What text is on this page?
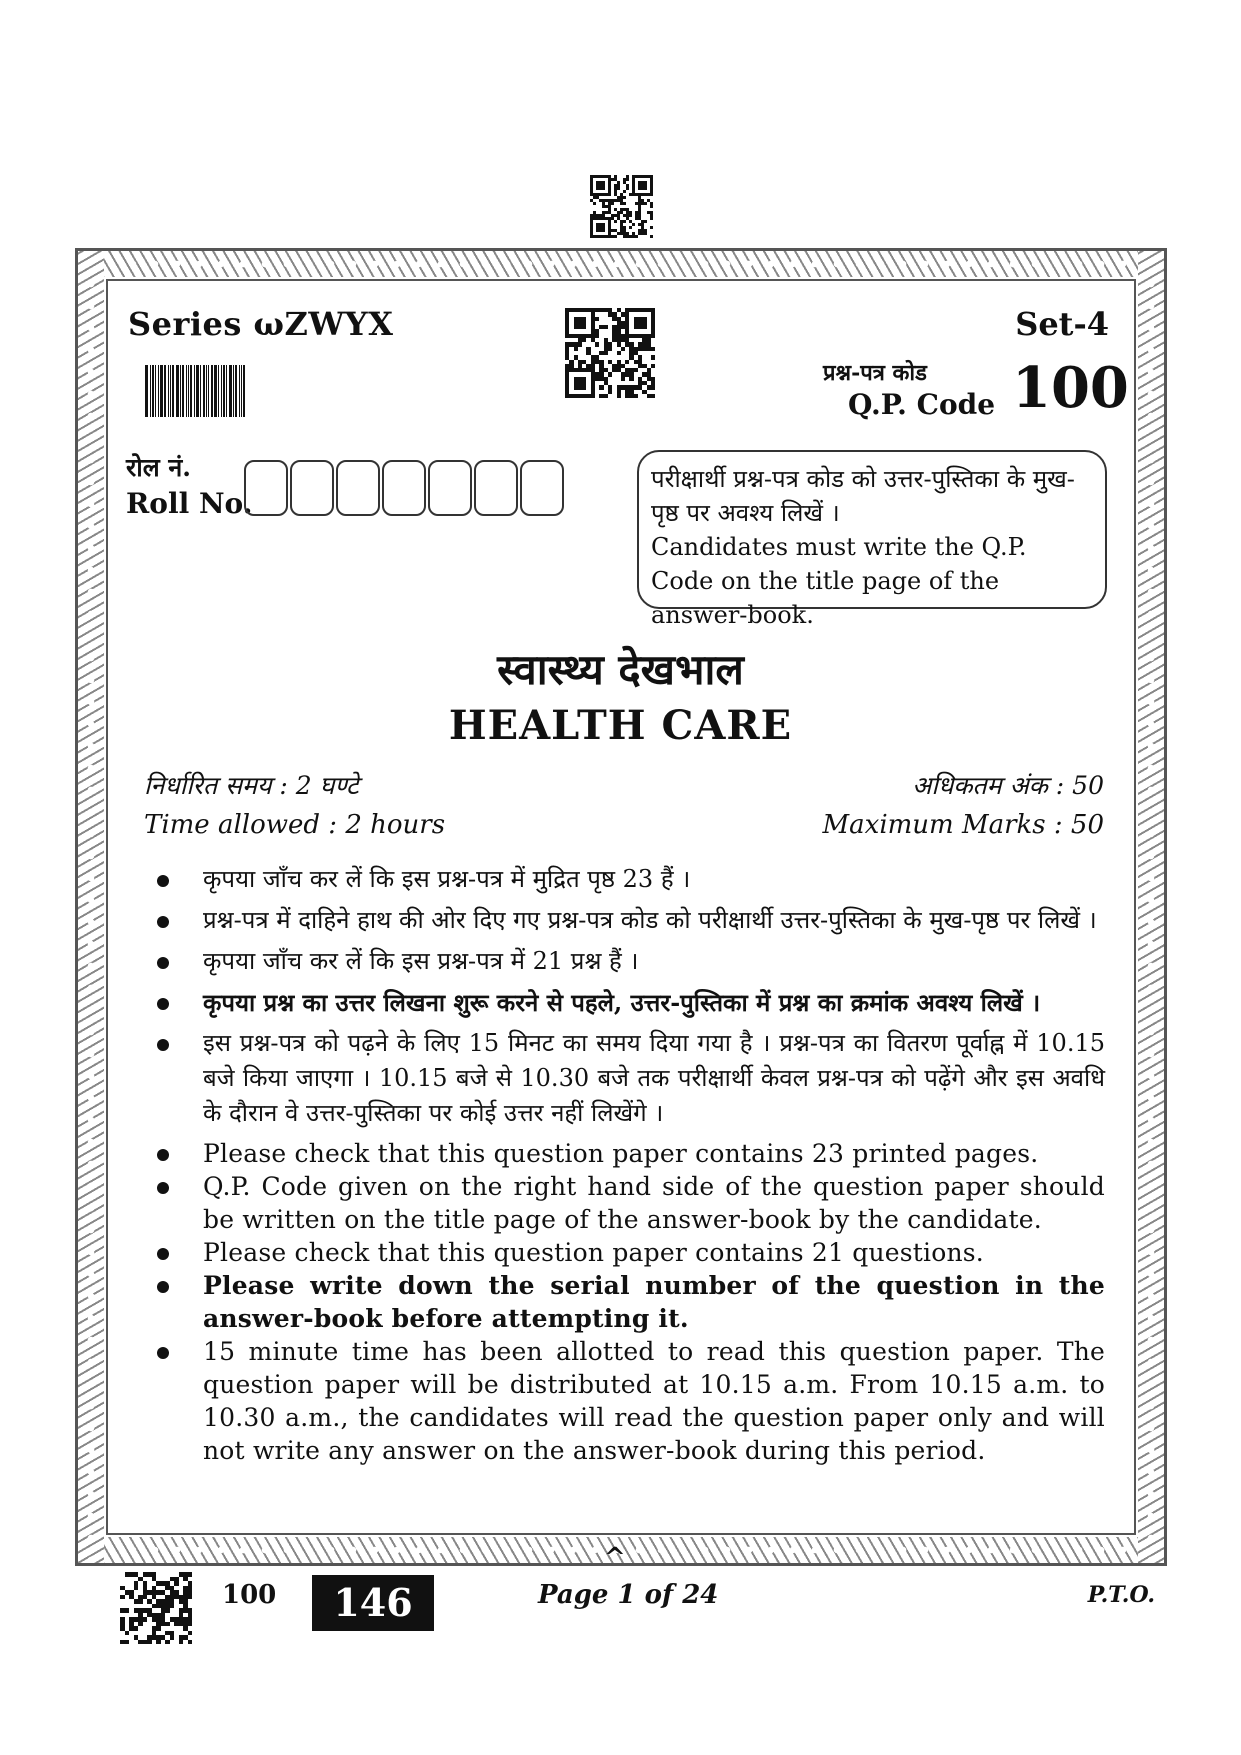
Series ωZWYX	Set-4
प्रश्न-पत्र कोड
Q.P. Code 100
रोल नं.
Roll No.
परीक्षार्थी प्रश्न-पत्र कोड को उत्तर-पुस्तिका के मुख-पृष्ठ पर अवश्य लिखें ।
Candidates must write the Q.P. Code on the title page of the answer-book.
स्वास्थ्य देखभाल
HEALTH CARE
निर्धारित समय : 2 घण्टे
Time allowed : 2 hours
अधिकतम अंक : 50
Maximum Marks : 50
कृपया जाँच कर लें कि इस प्रश्न-पत्र में मुद्रित पृष्ठ 23 हैं ।
प्रश्न-पत्र में दाहिने हाथ की ओर दिए गए प्रश्न-पत्र कोड को परीक्षार्थी उत्तर-पुस्तिका के मुख-पृष्ठ पर लिखें ।
कृपया जाँच कर लें कि इस प्रश्न-पत्र में 21 प्रश्न हैं ।
कृपया प्रश्न का उत्तर लिखना शुरू करने से पहले, उत्तर-पुस्तिका में प्रश्न का क्रमांक अवश्य लिखें ।
इस प्रश्न-पत्र को पढ़ने के लिए 15 मिनट का समय दिया गया है । प्रश्न-पत्र का वितरण पूर्वाह्न में 10.15 बजे किया जाएगा । 10.15 बजे से 10.30 बजे तक परीक्षार्थी केवल प्रश्न-पत्र को पढ़ेंगे और इस अवधि के दौरान वे उत्तर-पुस्तिका पर कोई उत्तर नहीं लिखेंगे ।
Please check that this question paper contains 23 printed pages.
Q.P. Code given on the right hand side of the question paper should be written on the title page of the answer-book by the candidate.
Please check that this question paper contains 21 questions.
Please write down the serial number of the question in the answer-book before attempting it.
15 minute time has been allotted to read this question paper. The question paper will be distributed at 10.15 a.m. From 10.15 a.m. to 10.30 a.m., the candidates will read the question paper only and will not write any answer on the answer-book during this period.
^
100	146	Page 1 of 24	P.T.O.
